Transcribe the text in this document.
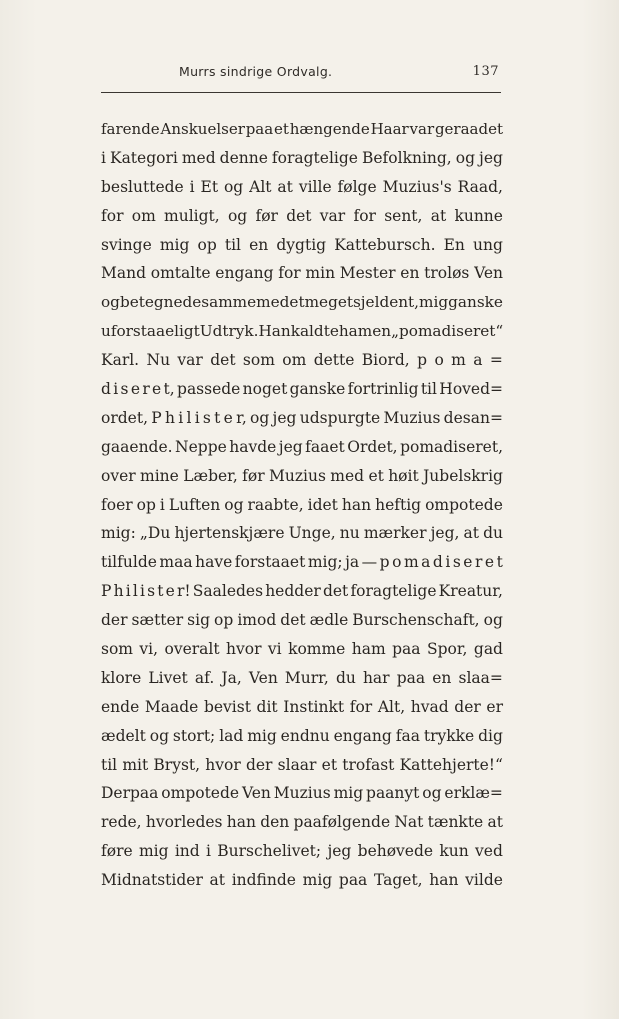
Murrs sindrige Ordvalg.	137
farende Anskuelser paa et hængende Haar var geraadet
i Kategori med denne foragtelige Befolkning, og jeg
besluttede i Et og Alt at ville følge Muzius's Raad,
for om muligt, og før det var for sent, at kunne
svinge mig op til en dygtig Kattebursch. En ung
Mand omtalte engang for min Mester en troløs Ven
og betegnede samme med et meget sjeldent, mig ganske
uforstaaeligt Udtryk. Han kaldte ham en „pomadiseret“
Karl. Nu var det som om dette Biord, p o m a =
d i s e r e t, passede noget ganske fortrinlig til Hoved=
ordet, P h i l i s t e r, og jeg udspurgte Muzius desan=
gaaende. Neppe havde jeg faaet Ordet, pomadiseret,
over mine Læber, før Muzius med et høit Jubelskrig
foer op i Luften og raabte, idet han heftig ompotede
mig: „Du hjertenskjære Unge, nu mærker jeg, at du
tilfulde maa have forstaaet mig; ja — p o m a d i s e r e t
P h i l i s t e r! Saaledes hedder det foragtelige Kreatur,
der sætter sig op imod det ædle Burschenschaft, og
som vi, overalt hvor vi komme ham paa Spor, gad
klore Livet af. Ja, Ven Murr, du har paa en slaa=
ende Maade bevist dit Instinkt for Alt, hvad der er
ædelt og stort; lad mig endnu engang faa trykke dig
til mit Bryst, hvor der slaar et trofast Kattehjerte!“
Derpaa ompotede Ven Muzius mig paanyt og erklæ=
rede, hvorledes han den paafølgende Nat tænkte at
føre mig ind i Burschelivet; jeg behøvede kun ved
Midnatstider at indfinde mig paa Taget, han vilde
